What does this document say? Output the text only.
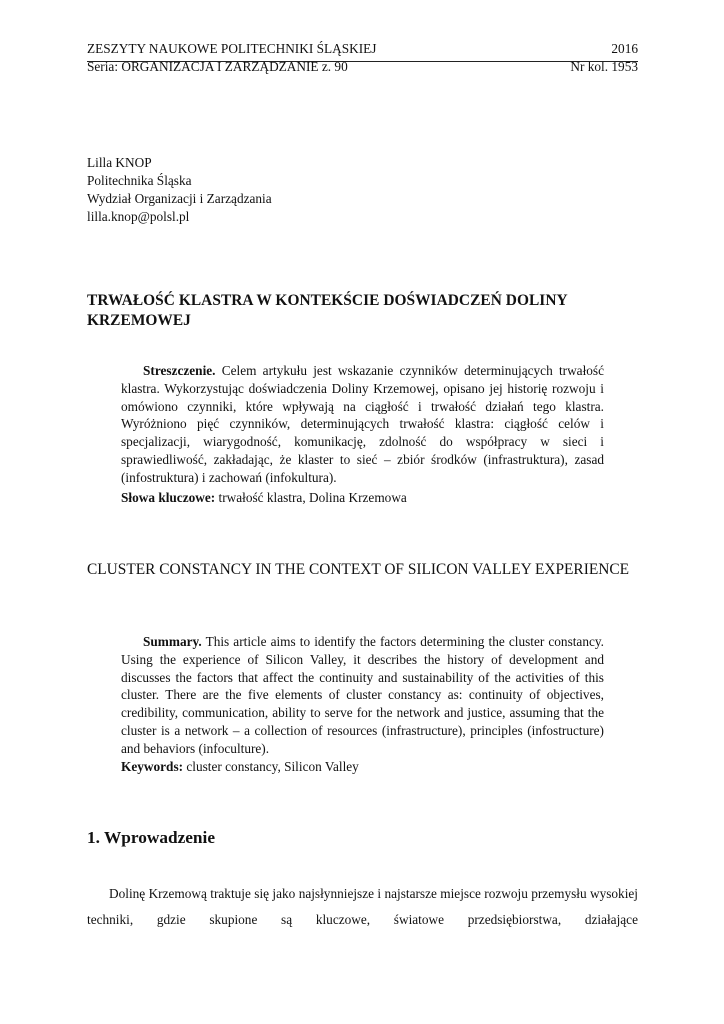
ZESZYTY NAUKOWE POLITECHNIKI ŚLĄSKIEJ	2016
Seria: ORGANIZACJA I ZARZĄDZANIE z. 90	Nr kol. 1953
Lilla KNOP
Politechnika Śląska
Wydział Organizacji i Zarządzania
lilla.knop@polsl.pl
TRWAŁOŚĆ KLASTRA W KONTEKŚCIE DOŚWIADCZEŃ DOLINY KRZEMOWEJ
Streszczenie. Celem artykułu jest wskazanie czynników determinujących trwałość klastra. Wykorzystując doświadczenia Doliny Krzemowej, opisano jej historię rozwoju i omówiono czynniki, które wpływają na ciągłość i trwałość działań tego klastra. Wyróżniono pięć czynników, determinujących trwałość klastra: ciągłość celów i specjalizacji, wiarygodność, komunikację, zdolność do współpracy w sieci i sprawiedliwość, zakładając, że klaster to sieć – zbiór środków (infrastruktura), zasad (infostruktura) i zachowań (infokultura).
Słowa kluczowe: trwałość klastra, Dolina Krzemowa
CLUSTER CONSTANCY IN THE CONTEXT OF SILICON VALLEY EXPERIENCE
Summary. This article aims to identify the factors determining the cluster constancy. Using the experience of Silicon Valley, it describes the history of development and discusses the factors that affect the continuity and sustainability of the activities of this cluster. There are the five elements of cluster constancy as: continuity of objectives, credibility, communication, ability to serve for the network and justice, assuming that the cluster is a network – a collection of resources (infrastructure), principles (infostructure) and behaviors (infoculture).
Keywords: cluster constancy, Silicon Valley
1. Wprowadzenie
Dolinę Krzemową traktuje się jako najsłynniejsze i najstarsze miejsce rozwoju przemysłu wysokiej techniki, gdzie skupione są kluczowe, światowe przedsiębiorstwa, działające
